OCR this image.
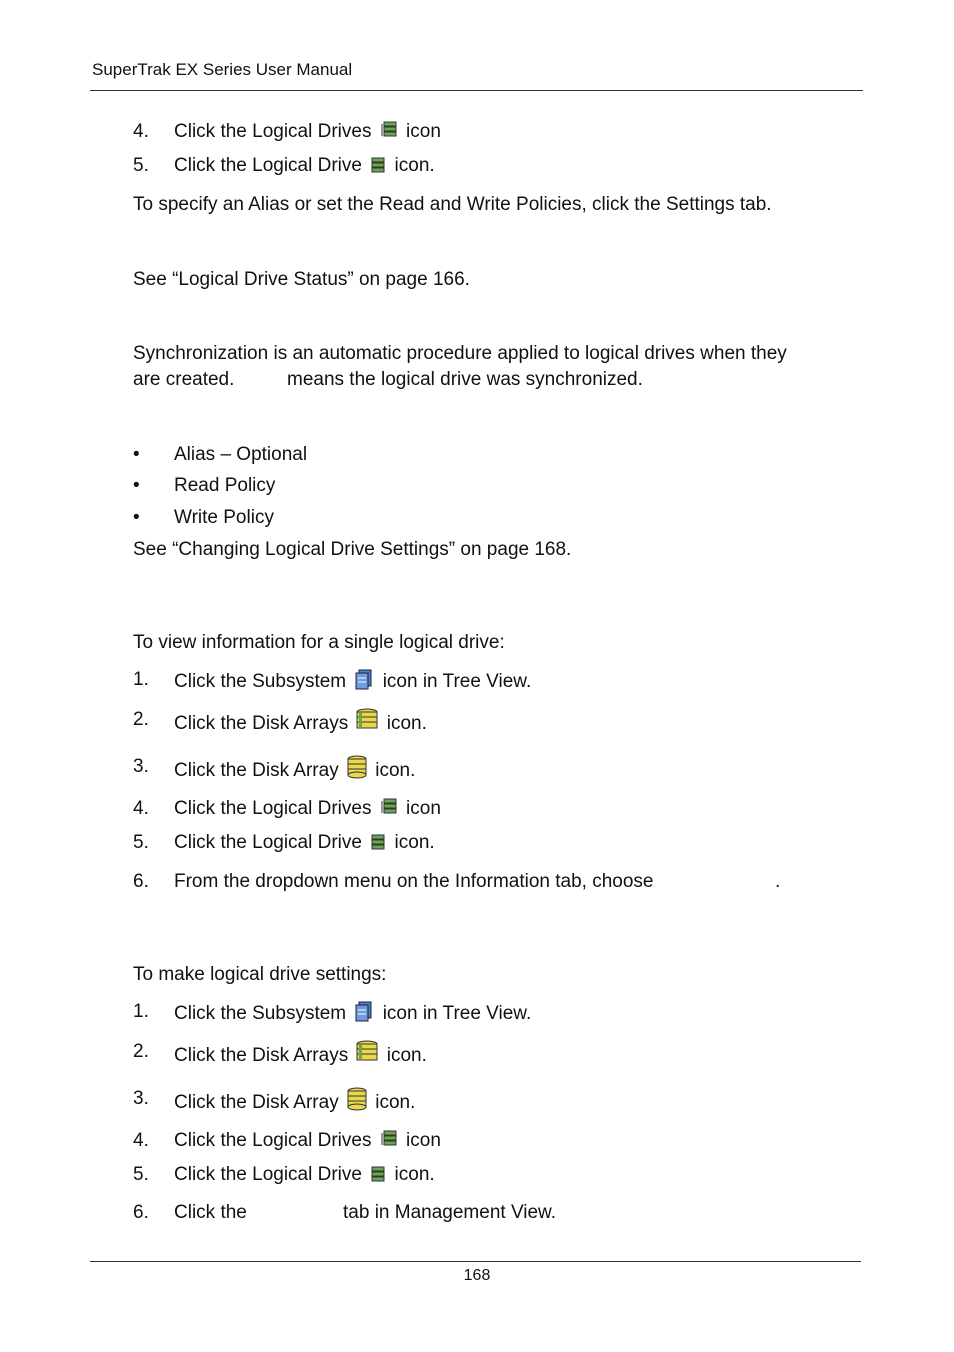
SuperTrak EX Series User Manual
4. Click the Logical Drives icon
5. Click the Logical Drive icon.
To specify an Alias or set the Read and Write Policies, click the Settings tab.
See “Logical Drive Status” on page 166.
Synchronization is an automatic procedure applied to logical drives when they
are created.	means the logical drive was synchronized.
• Alias – Optional
• Read Policy
• Write Policy
See “Changing Logical Drive Settings” on page 168.
To view information for a single logical drive:
1. Click the Subsystem icon in Tree View.
2. Click the Disk Arrays icon.
3. Click the Disk Array icon.
4. Click the Logical Drives icon
5. Click the Logical Drive icon.
6. From the dropdown menu on the Information tab, choose	.
To make logical drive settings:
1. Click the Subsystem icon in Tree View.
2. Click the Disk Arrays icon.
3. Click the Disk Array icon.
4. Click the Logical Drives icon
5. Click the Logical Drive icon.
6. Click the	tab in Management View.
168
